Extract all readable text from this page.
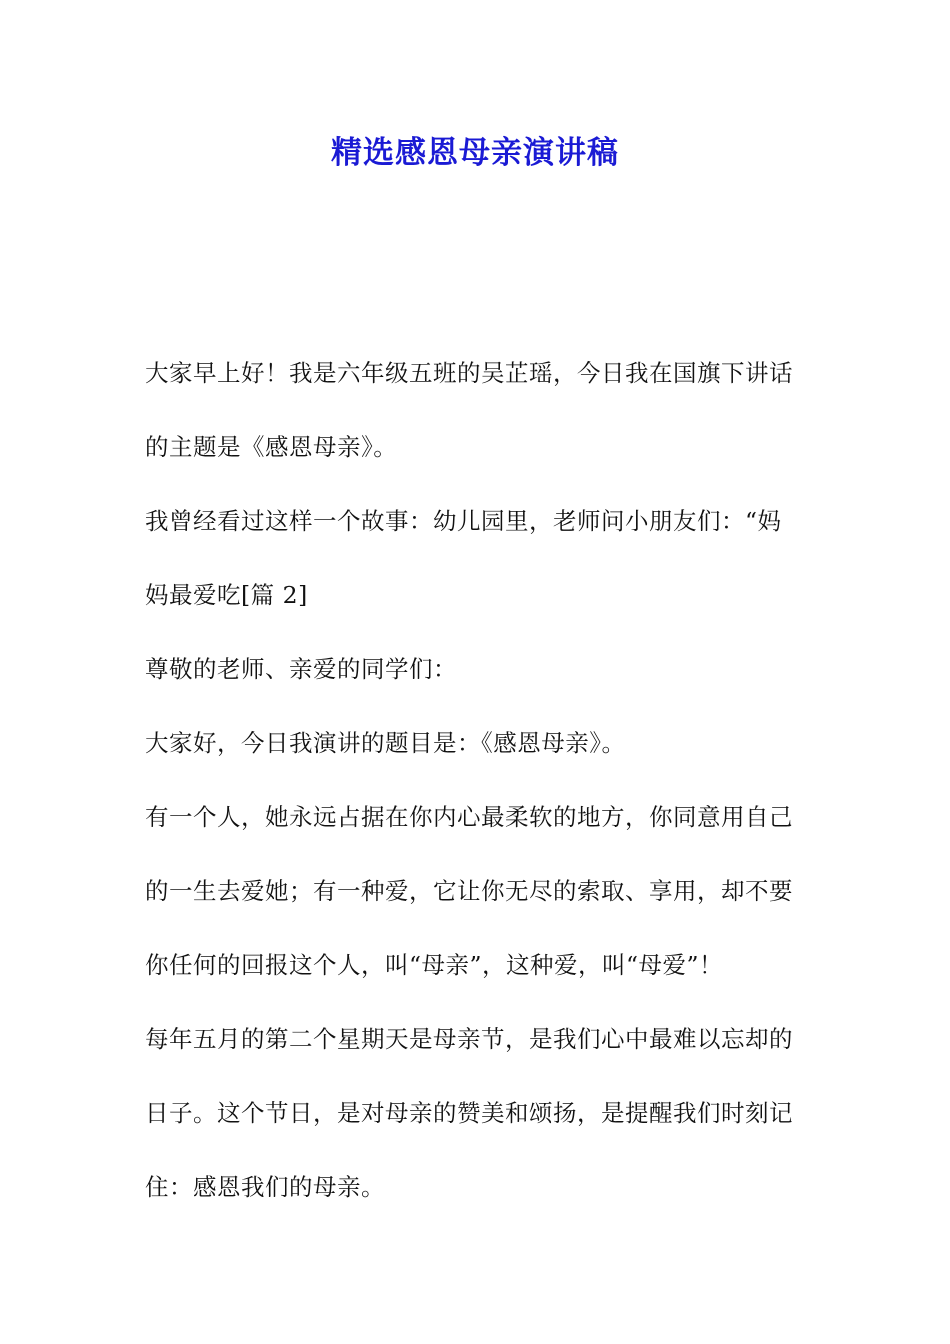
精选感恩母亲演讲稿
大家早上好！我是六年级五班的吴芷瑶，今日我在国旗下讲话
的主题是《感恩母亲》。
我曾经看过这样一个故事：幼儿园里，老师问小朋友们：“妈
妈最爱吃[篇 2]
尊敬的老师、亲爱的同学们：
大家好，今日我演讲的题目是：《感恩母亲》。
有一个人，她永远占据在你内心最柔软的地方，你同意用自己
的一生去爱她；有一种爱，它让你无尽的索取、享用，却不要
你任何的回报这个人，叫“母亲”，这种爱，叫“母爱”！
每年五月的第二个星期天是母亲节，是我们心中最难以忘却的
日子。这个节日，是对母亲的赞美和颂扬，是提醒我们时刻记
住：感恩我们的母亲。
